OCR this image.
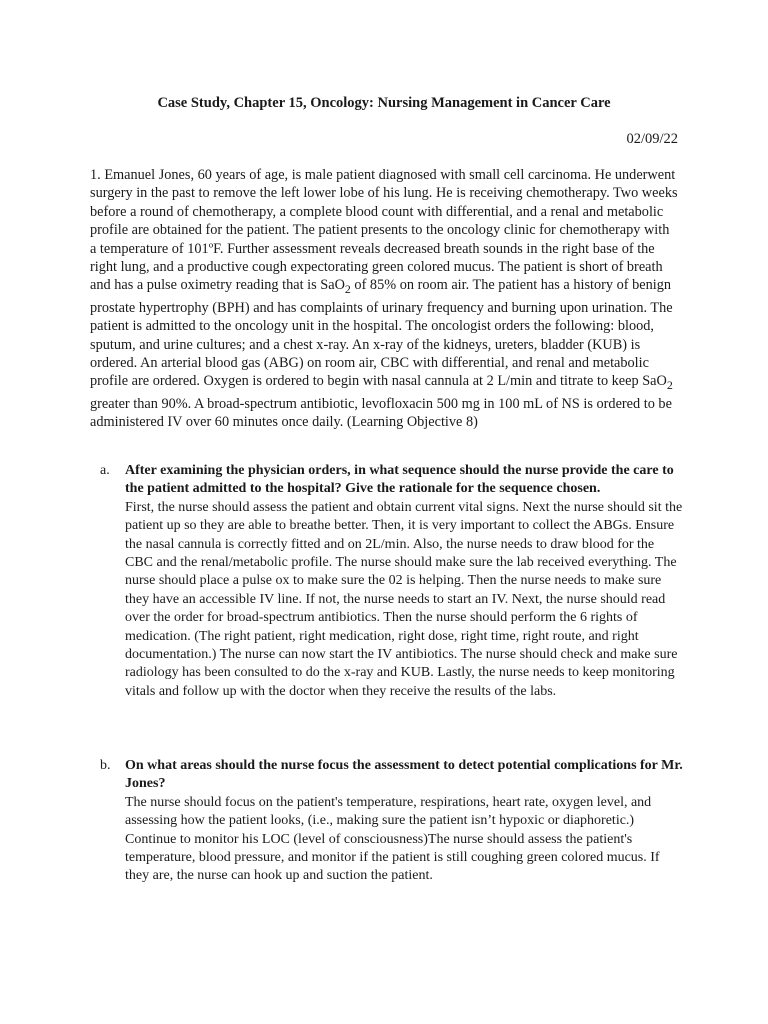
Case Study, Chapter 15, Oncology: Nursing Management in Cancer Care
02/09/22

1. Emanuel Jones, 60 years of age, is male patient diagnosed with small cell carcinoma. He underwent surgery in the past to remove the left lower lobe of his lung. He is receiving chemotherapy. Two weeks before a round of chemotherapy, a complete blood count with differential, and a renal and metabolic profile are obtained for the patient. The patient presents to the oncology clinic for chemotherapy with a temperature of 101ºF. Further assessment reveals decreased breath sounds in the right base of the right lung, and a productive cough expectorating green colored mucus. The patient is short of breath and has a pulse oximetry reading that is SaO$_2$ of 85% on room air. The patient has a history of benign prostate hypertrophy (BPH) and has complaints of urinary frequency and burning upon urination. The patient is admitted to the oncology unit in the hospital. The oncologist orders the following: blood, sputum, and urine cultures; and a chest x-ray. An x-ray of the kidneys, ureters, bladder (KUB) is ordered. An arterial blood gas (ABG) on room air, CBC with differential, and renal and metabolic profile are ordered. Oxygen is ordered to begin with nasal cannula at 2 L/min and titrate to keep SaO$_2$ greater than 90%. A broad-spectrum antibiotic, levofloxacin 500 mg in 100 mL of NS is ordered to be administered IV over 60 minutes once daily. (Learning Objective 8)

a. After examining the physician orders, in what sequence should the nurse provide the care to the patient admitted to the hospital? Give the rationale for the sequence chosen.

First, the nurse should assess the patient and obtain current vital signs. Next the nurse should sit the patient up so they are able to breathe better. Then, it is very important to collect the ABGs. Ensure the nasal cannula is correctly fitted and on 2L/min. Also, the nurse needs to draw blood for the CBC and the renal/metabolic profile. The nurse should make sure the lab received everything. The nurse should place a pulse ox to make sure the 02 is helping. Then the nurse needs to make sure they have an accessible IV line. If not, the nurse needs to start an IV. Next, the nurse should read over the order for broad-spectrum antibiotics. Then the nurse should perform the 6 rights of medication. (The right patient, right medication, right dose, right time, right route, and right documentation.) The nurse can now start the IV antibiotics. The nurse should check and make sure radiology has been consulted to do the x-ray and KUB. Lastly, the nurse needs to keep monitoring vitals and follow up with the doctor when they receive the results of the labs.

b. On what areas should the nurse focus the assessment to detect potential complications for Mr. Jones?

The nurse should focus on the patient's temperature, respirations, heart rate, oxygen level, and assessing how the patient looks, (i.e., making sure the patient isn’t hypoxic or diaphoretic.) Continue to monitor his LOC (level of consciousness)The nurse should assess the patient's temperature, blood pressure, and monitor if the patient is still coughing green colored mucus. If they are, the nurse can hook up and suction the patient.
